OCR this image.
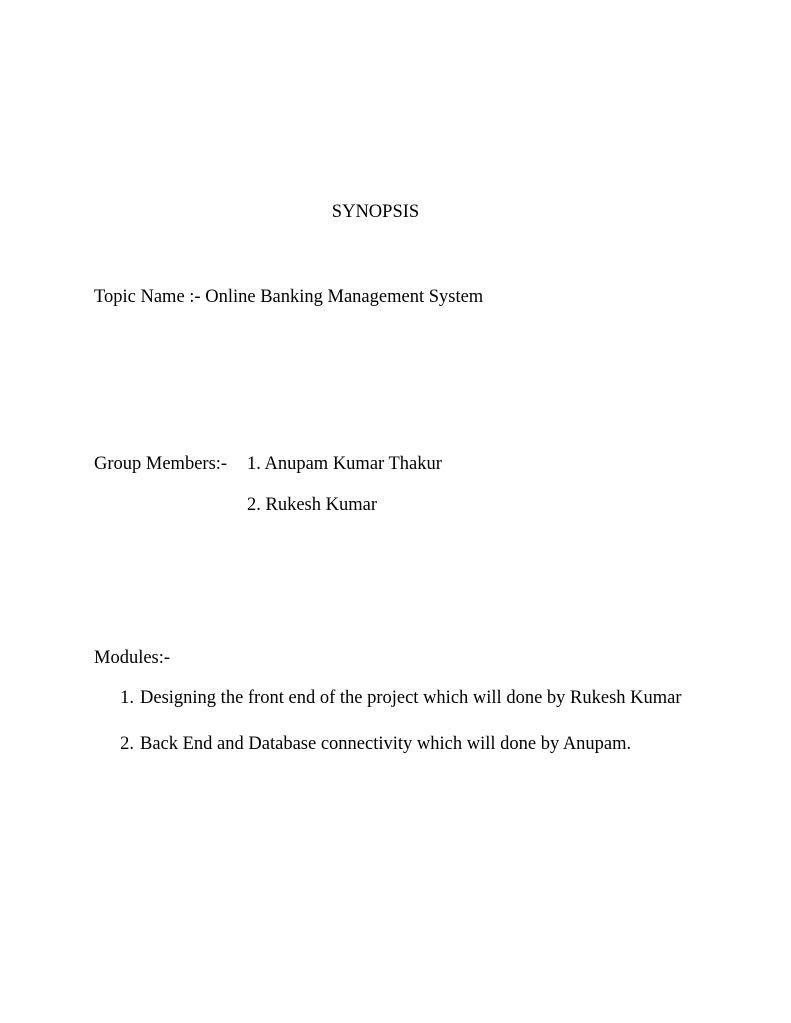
SYNOPSIS
Topic Name :- Online Banking Management System
Group Members:- 1. Anupam Kumar Thakur
2. Rukesh Kumar
Modules:-
1. Designing the front end of the project which will done by Rukesh Kumar
2. Back End and Database connectivity which will done by Anupam.
